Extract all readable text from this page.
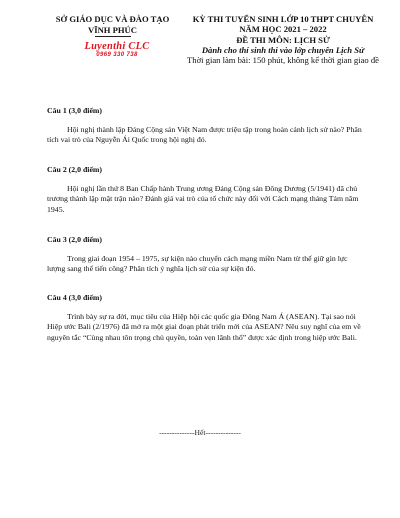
SỞ GIÁO DỤC VÀ ĐÀO TẠO
VĨNH PHÚC
Luyenthi CLC
0969 330 738
KỲ THI TUYỂN SINH LỚP 10 THPT CHUYÊN
NĂM HỌC 2021 – 2022
ĐỀ THI MÔN: LỊCH SỬ
Dành cho thí sinh thi vào lớp chuyên Lịch Sử
Thời gian làm bài: 150 phút, không kể thời gian giao đề
Câu 1 (3,0 điểm)
Hội nghị thành lập Đảng Cộng sản Việt Nam được triệu tập trong hoàn cảnh lịch sử nào? Phân tích vai trò của Nguyễn Ái Quốc trong hội nghị đó.
Câu 2 (2,0 điểm)
Hội nghị lần thứ 8 Ban Chấp hành Trung ương Đảng Cộng sản Đông Dương (5/1941) đã chủ trương thành lập mặt trận nào? Đánh giá vai trò của tổ chức này đối với Cách mạng tháng Tám năm 1945.
Câu 3 (2,0 điểm)
Trong giai đoạn 1954 – 1975, sự kiện nào chuyển cách mạng miền Nam từ thế giữ gìn lực lượng sang thế tiến công? Phân tích ý nghĩa lịch sử của sự kiện đó.
Câu 4 (3,0 điểm)
Trình bày sự ra đời, mục tiêu của Hiệp hội các quốc gia Đông Nam Á (ASEAN). Tại sao nói Hiệp ước Bali (2/1976) đã mở ra một giai đoạn phát triển mới của ASEAN? Nêu suy nghĩ của em về nguyên tắc “Cùng nhau tôn trọng chủ quyền, toàn vẹn lãnh thổ” được xác định trong hiệp ước Bali.
--------------Hết--------------
